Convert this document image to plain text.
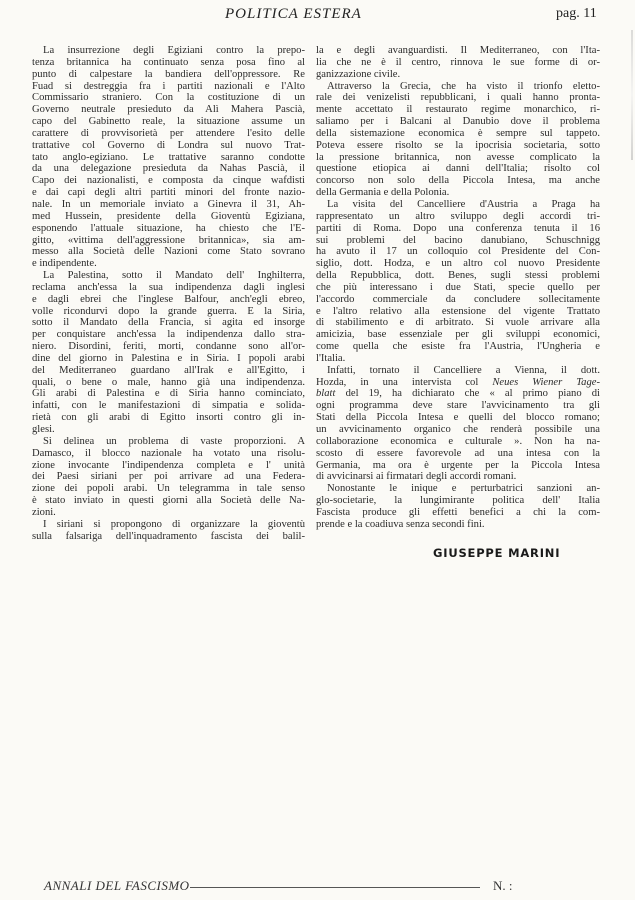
POLITICA ESTERA	pag. 11
La insurrezione degli Egiziani contro la prepo-
tenza britannica ha continuato senza posa fino al
punto di calpestare la bandiera dell'oppressore. Re
Fuad si destreggia fra i partiti nazionali e l'Alto
Commissario straniero. Con la costituzione di un
Governo neutrale presieduto da Alì Mahera Pascià,
capo del Gabinetto reale, la situazione assume un
carattere di provvisorietà per attendere l'esito delle
trattative col Governo di Londra sul nuovo Trat-
tato anglo-egiziano. Le trattative saranno condotte
da una delegazione presieduta da Nahas Pascià, il
Capo dei nazionalisti, e composta da cinque wafdisti
e dai capi degli altri partiti minori del fronte nazio-
nale. In un memoriale inviato a Ginevra il 31, Ah-
med Hussein, presidente della Gioventù Egiziana,
esponendo l'attuale situazione, ha chiesto che l'E-
gitto, «vittima dell'aggressione britannica», sia am-
messo alla Società delle Nazioni come Stato sovrano
e indipendente.
La Palestina, sotto il Mandato dell' Inghilterra,
reclama anch'essa la sua indipendenza dagli inglesi
e dagli ebrei che l'inglese Balfour, anch'egli ebreo,
volle ricondurvi dopo la grande guerra. E la Siria,
sotto il Mandato della Francia, si agita ed insorge
per conquistare anch'essa la indipendenza dallo stra-
niero. Disordini, feriti, morti, condanne sono all'or-
dine del giorno in Palestina e in Siria. I popoli arabi
del Mediterraneo guardano all'Irak e all'Egitto, i
quali, o bene o male, hanno già una indipendenza.
Gli arabi di Palestina e di Siria hanno cominciato,
infatti, con le manifestazioni di simpatia e solida-
rietà con gli arabi di Egitto insorti contro gli in-
glesi.
Si delinea un problema di vaste proporzioni. A
Damasco, il blocco nazionale ha votato una risolu-
zione invocante l'indipendenza completa e l' unità
dei Paesi siriani per poi arrivare ad una Federa-
zione dei popoli arabi. Un telegramma in tale senso
è stato inviato in questi giorni alla Società delle Na-
zioni.
I siriani si propongono di organizzare la gioventù
sulla falsariga dell'inquadramento fascista dei balil-
la e degli avanguardisti. Il Mediterraneo, con l'Ita-
lia che ne è il centro, rinnova le sue forme di or-
ganizzazione civile.
Attraverso la Grecia, che ha visto il trionfo eletto-
rale dei venizelisti repubblicani, i quali hanno pronta-
mente accettato il restaurato regime monarchico, ri-
saliamo per i Balcani al Danubio dove il problema
della sistemazione economica è sempre sul tappeto.
Poteva essere risolto se la ipocrisia societaria, sotto
la pressione britannica, non avesse complicato la
questione etiopica ai danni dell'Italia; risolto col
concorso non solo della Piccola Intesa, ma anche
della Germania e della Polonia.
La visita del Cancelliere d'Austria a Praga ha
rappresentato un altro sviluppo degli accordi tri-
partiti di Roma. Dopo una conferenza tenuta il 16
sui problemi del bacino danubiano, Schuschnigg
ha avuto il 17 un colloquio col Presidente del Con-
siglio, dott. Hodza, e un altro col nuovo Presidente
della Repubblica, dott. Benes, sugli stessi problemi
che più interessano i due Stati, specie quello per
l'accordo commerciale da concludere sollecitamente
e l'altro relativo alla estensione del vigente Trattato
di stabilimento e di arbitrato. Si vuole arrivare alla
amicizia, base essenziale per gli sviluppi economici,
come quella che esiste fra l'Austria, l'Ungheria e
l'Italia.
Infatti, tornato il Cancelliere a Vienna, il dott.
Hozda, in una intervista col Neues Wiener Tage-
blatt del 19, ha dichiarato che « al primo piano di
ogni programma deve stare l'avvicinamento tra gli
Stati della Piccola Intesa e quelli del blocco romano;
un avvicinamento organico che renderà possibile una
collaborazione economica e culturale ». Non ha na-
scosto di essere favorevole ad una intesa con la
Germania, ma ora è urgente per la Piccola Intesa
di avvicinarsi ai firmatari degli accordi romani.
Nonostante le inique e perturbatrici sanzioni an-
glo-societarie, la lungimirante politica dell' Italia
Fascista produce gli effetti benefici a chi la com-
prende e la coadiuva senza secondi fini.
GIUSEPPE MARINI
ANNALI DEL FASCISMO	N. :
